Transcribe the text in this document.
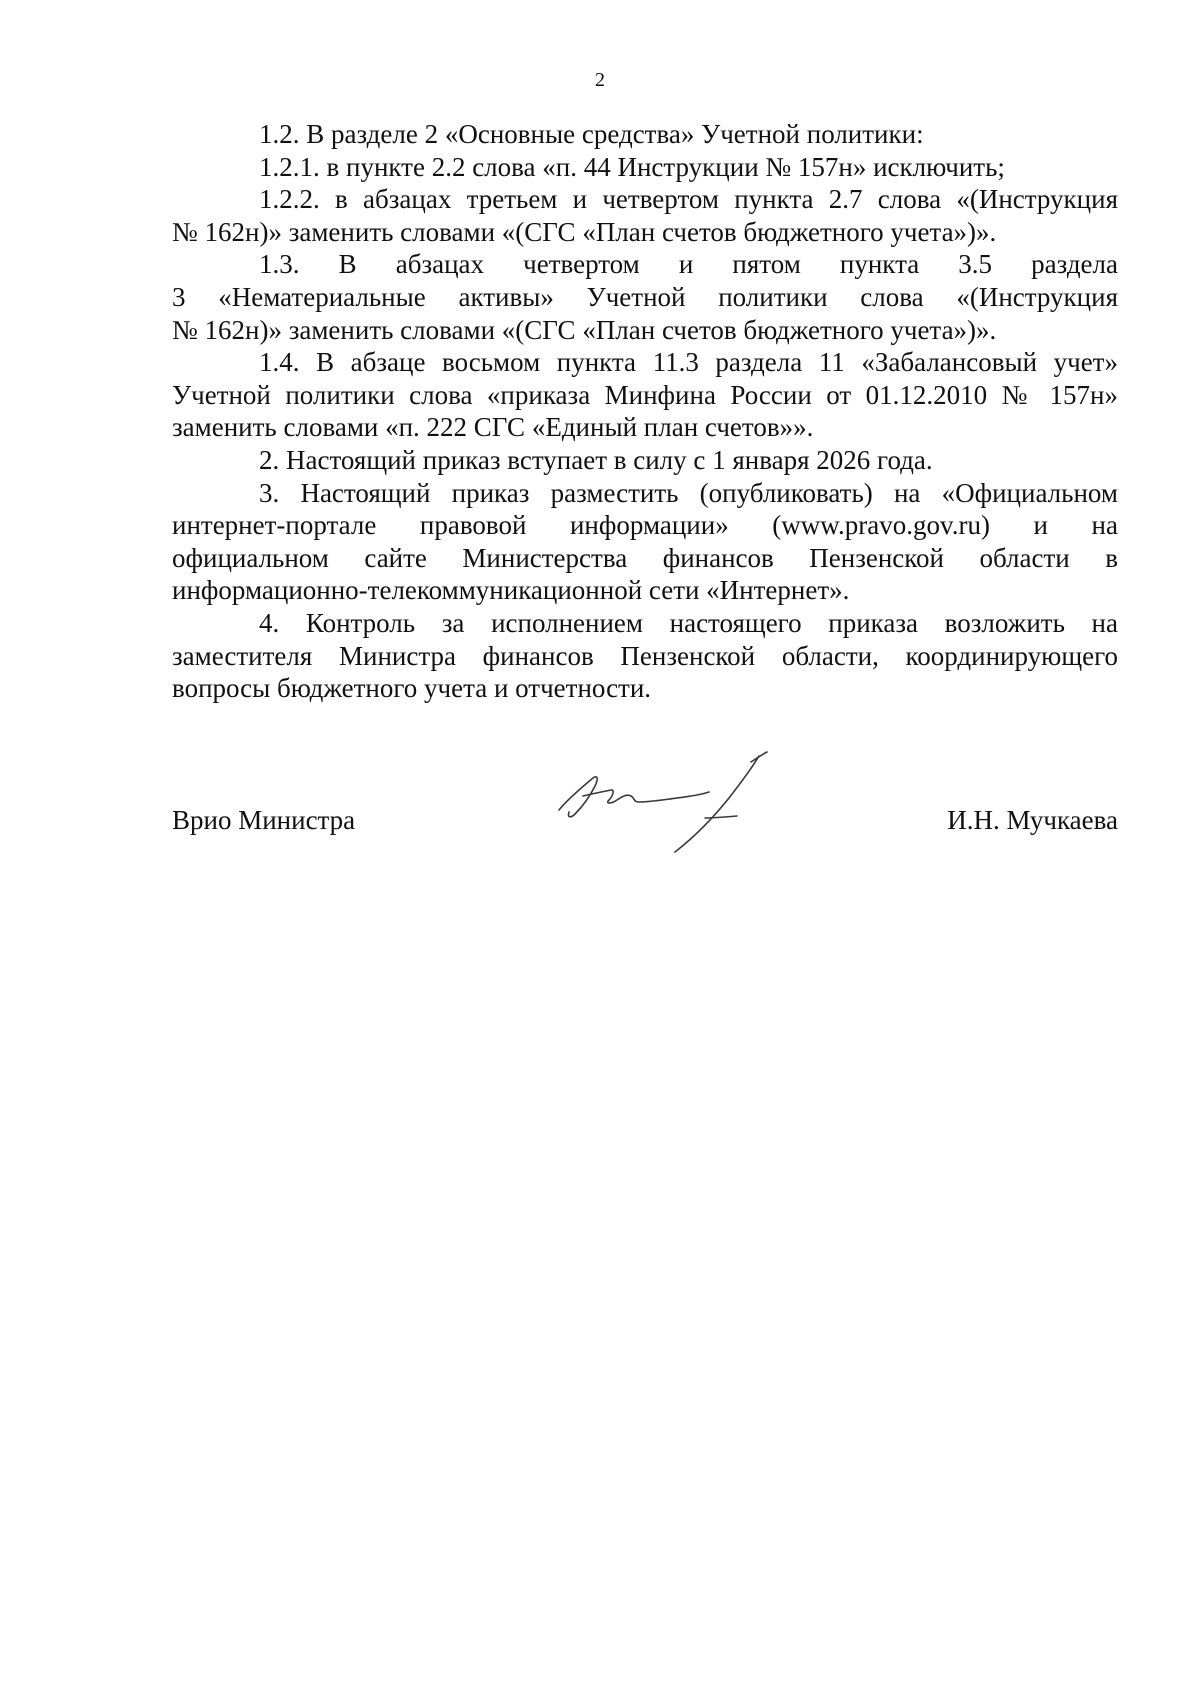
2
1.2. В разделе 2 «Основные средства» Учетной политики:
1.2.1. в пункте 2.2 слова «п. 44 Инструкции № 157н» исключить;
1.2.2. в абзацах третьем и четвертом пункта 2.7 слова «(Инструкция
№ 162н)» заменить словами «(СГС «План счетов бюджетного учета»)».
1.3. В абзацах четвертом и пятом пункта 3.5 раздела
3 «Нематериальные активы» Учетной политики слова «(Инструкция
№ 162н)» заменить словами «(СГС «План счетов бюджетного учета»)».
1.4. В абзаце восьмом пункта 11.3 раздела 11 «Забалансовый учет»
Учетной политики слова «приказа Минфина России от 01.12.2010 № 157н»
заменить словами «п. 222 СГС «Единый план счетов»».
2. Настоящий приказ вступает в силу с 1 января 2026 года.
3. Настоящий приказ разместить (опубликовать) на «Официальном
интернет-портале правовой информации» (www.pravo.gov.ru) и на
официальном сайте Министерства финансов Пензенской области в
информационно-телекоммуникационной сети «Интернет».
4. Контроль за исполнением настоящего приказа возложить на
заместителя Министра финансов Пензенской области, координирующего
вопросы бюджетного учета и отчетности.
Врио Министра	И.Н. Мучкаева
